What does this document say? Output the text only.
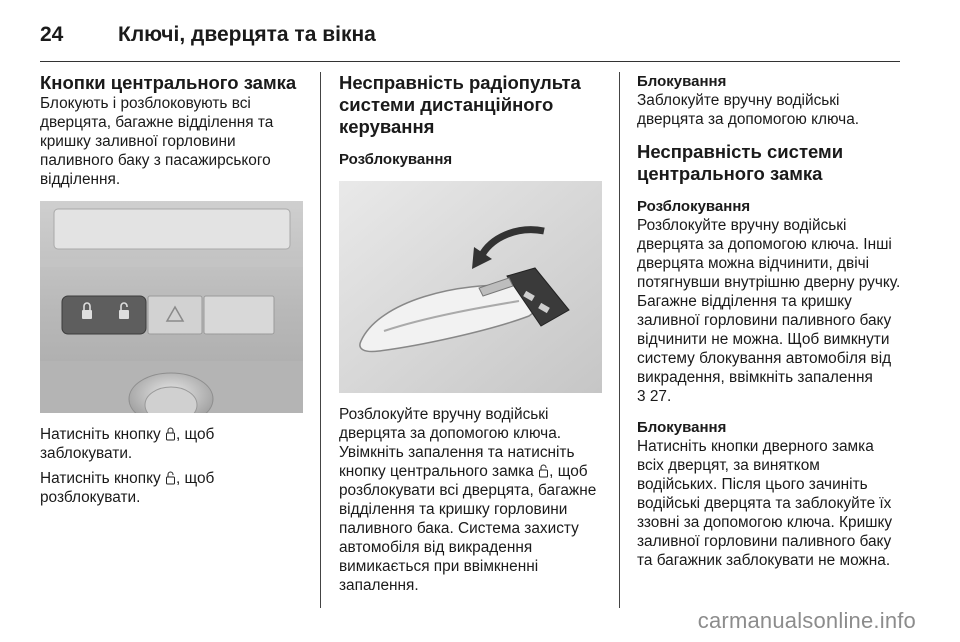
24	Ключі, дверцята та вікна

Кнопки центрального замка

Блокують і розблоковують всі дверцята, багажне відділення та кришку заливної горловини паливного баку з пасажирського відділення.

Натисніть кнопку , щоб заблокувати.

Натисніть кнопку , щоб розблокувати.

Несправність радіопульта системи дистанційного керування

Розблокування

Розблокуйте вручну водійські дверцята за допомогою ключа. Увімкніть запалення та натисніть кнопку центрального замка , щоб розблокувати всі дверцята, багажне відділення та кришку горловини паливного бака. Система захисту автомобіля від викрадення вимикається при ввімкненні запалення.

Блокування

Заблокуйте вручну водійські дверцята за допомогою ключа.

Несправність системи центрального замка

Розблокування

Розблокуйте вручну водійські дверцята за допомогою ключа. Інші дверцята можна відчинити, двічі потягнувши внутрішню дверну ручку. Багажне відділення та кришку заливної горловини паливного баку відчинити не можна. Щоб вимкнути систему блокування автомобіля від викрадення, ввімкніть запалення

3 27.

Блокування

Натисніть кнопки дверного замка всіх дверцят, за винятком водійських. Після цього зачиніть водійські дверцята та заблокуйте їх ззовні за допомогою ключа. Кришку заливної горловини паливного баку та багажник заблокувати не можна.

carmanualsonline.info
